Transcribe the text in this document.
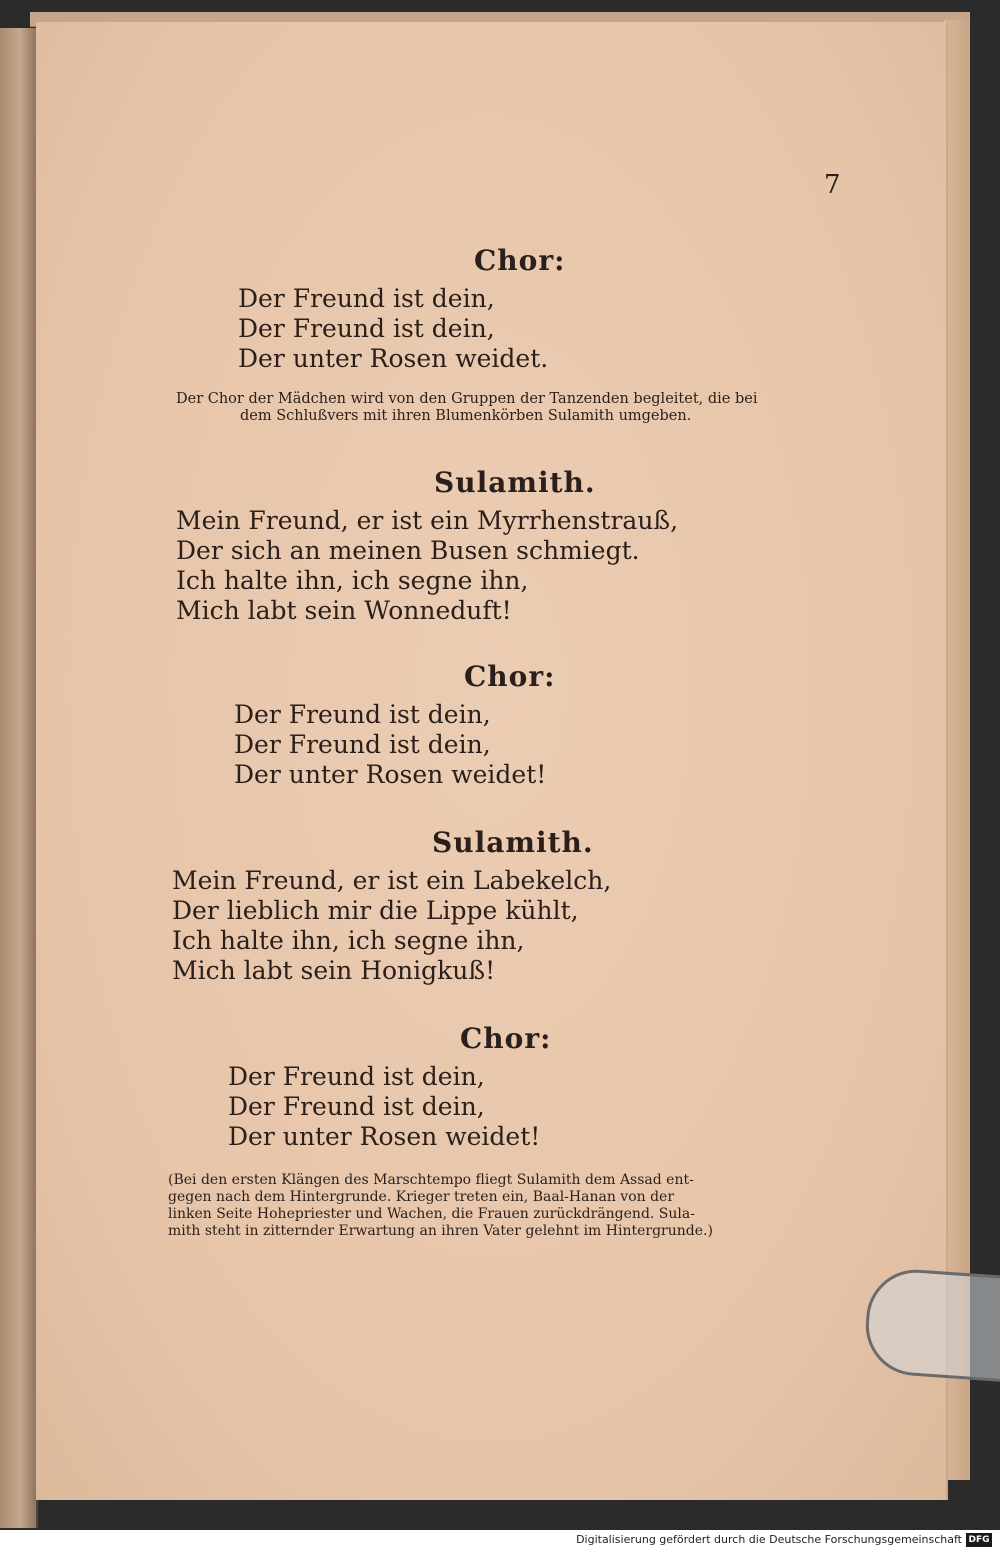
7
Chor:
Der Freund ist dein,
Der Freund ist dein,
Der unter Rosen weidet.
Der Chor der Mädchen wird von den Gruppen der Tanzenden begleitet, die bei
dem Schlußvers mit ihren Blumenkörben Sulamith umgeben.
Sulamith.
Mein Freund, er ist ein Myrrhenstrauß,
Der sich an meinen Busen schmiegt.
Ich halte ihn, ich segne ihn,
Mich labt sein Wonneduft!
Chor:
Der Freund ist dein,
Der Freund ist dein,
Der unter Rosen weidet!
Sulamith.
Mein Freund, er ist ein Labekelch,
Der lieblich mir die Lippe kühlt,
Ich halte ihn, ich segne ihn,
Mich labt sein Honigkuß!
Chor:
Der Freund ist dein,
Der Freund ist dein,
Der unter Rosen weidet!
(Bei den ersten Klängen des Marschtempo fliegt Sulamith dem Assad ent-
gegen nach dem Hintergrunde. Krieger treten ein, Baal-Hanan von der
linken Seite Hohepriester und Wachen, die Frauen zurückdrängend. Sula-
mith steht in zitternder Erwartung an ihren Vater gelehnt im Hintergrunde.)
Digitalisierung gefördert durch die Deutsche Forschungsgemeinschaft DFG
